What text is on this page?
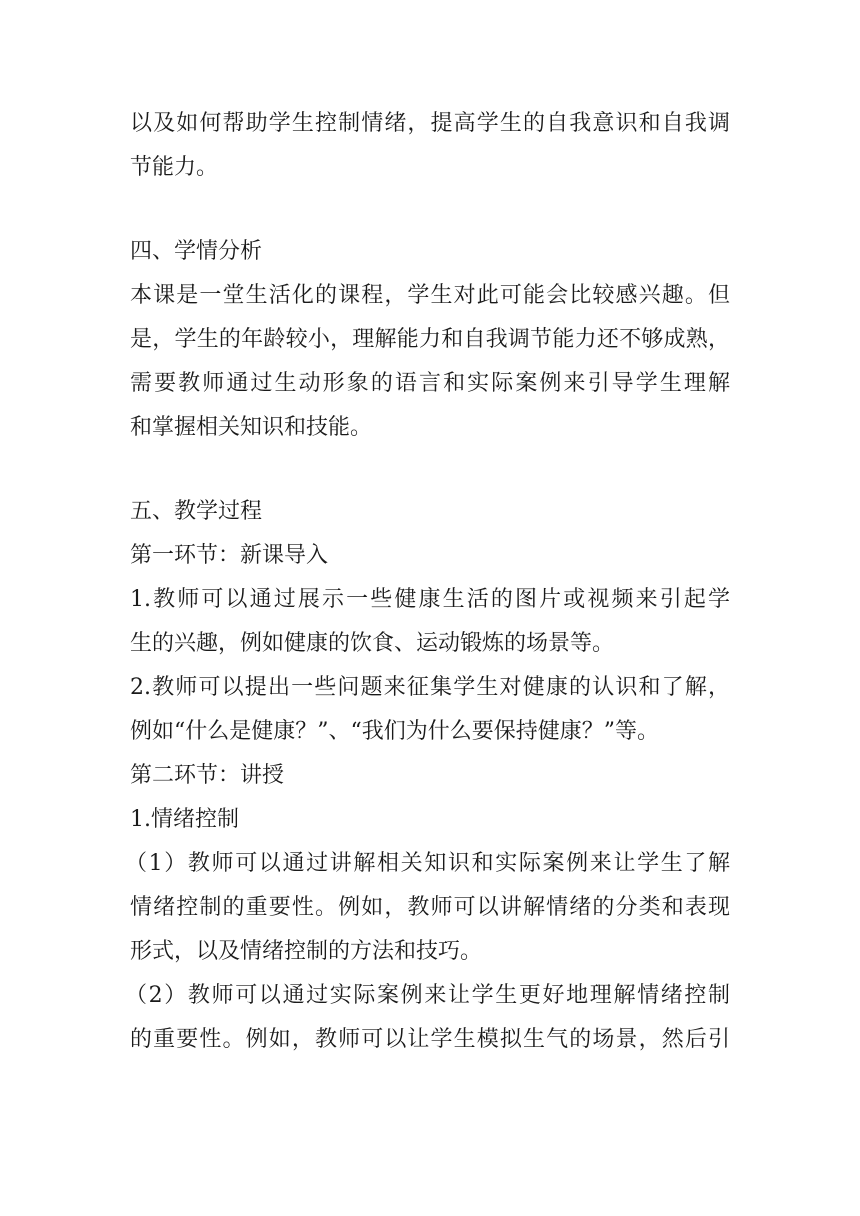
以及如何帮助学生控制情绪，提高学生的自我意识和自我调
节能力。
四、学情分析
本课是一堂生活化的课程，学生对此可能会比较感兴趣。但
是，学生的年龄较小，理解能力和自我调节能力还不够成熟，
需要教师通过生动形象的语言和实际案例来引导学生理解
和掌握相关知识和技能。
五、教学过程
第一环节：新课导入
1.教师可以通过展示一些健康生活的图片或视频来引起学
生的兴趣，例如健康的饮食、运动锻炼的场景等。
2.教师可以提出一些问题来征集学生对健康的认识和了解，
例如“什么是健康？”、“我们为什么要保持健康？”等。
第二环节：讲授
1.情绪控制
（1）教师可以通过讲解相关知识和实际案例来让学生了解
情绪控制的重要性。例如，教师可以讲解情绪的分类和表现
形式，以及情绪控制的方法和技巧。
（2）教师可以通过实际案例来让学生更好地理解情绪控制
的重要性。例如，教师可以让学生模拟生气的场景，然后引
